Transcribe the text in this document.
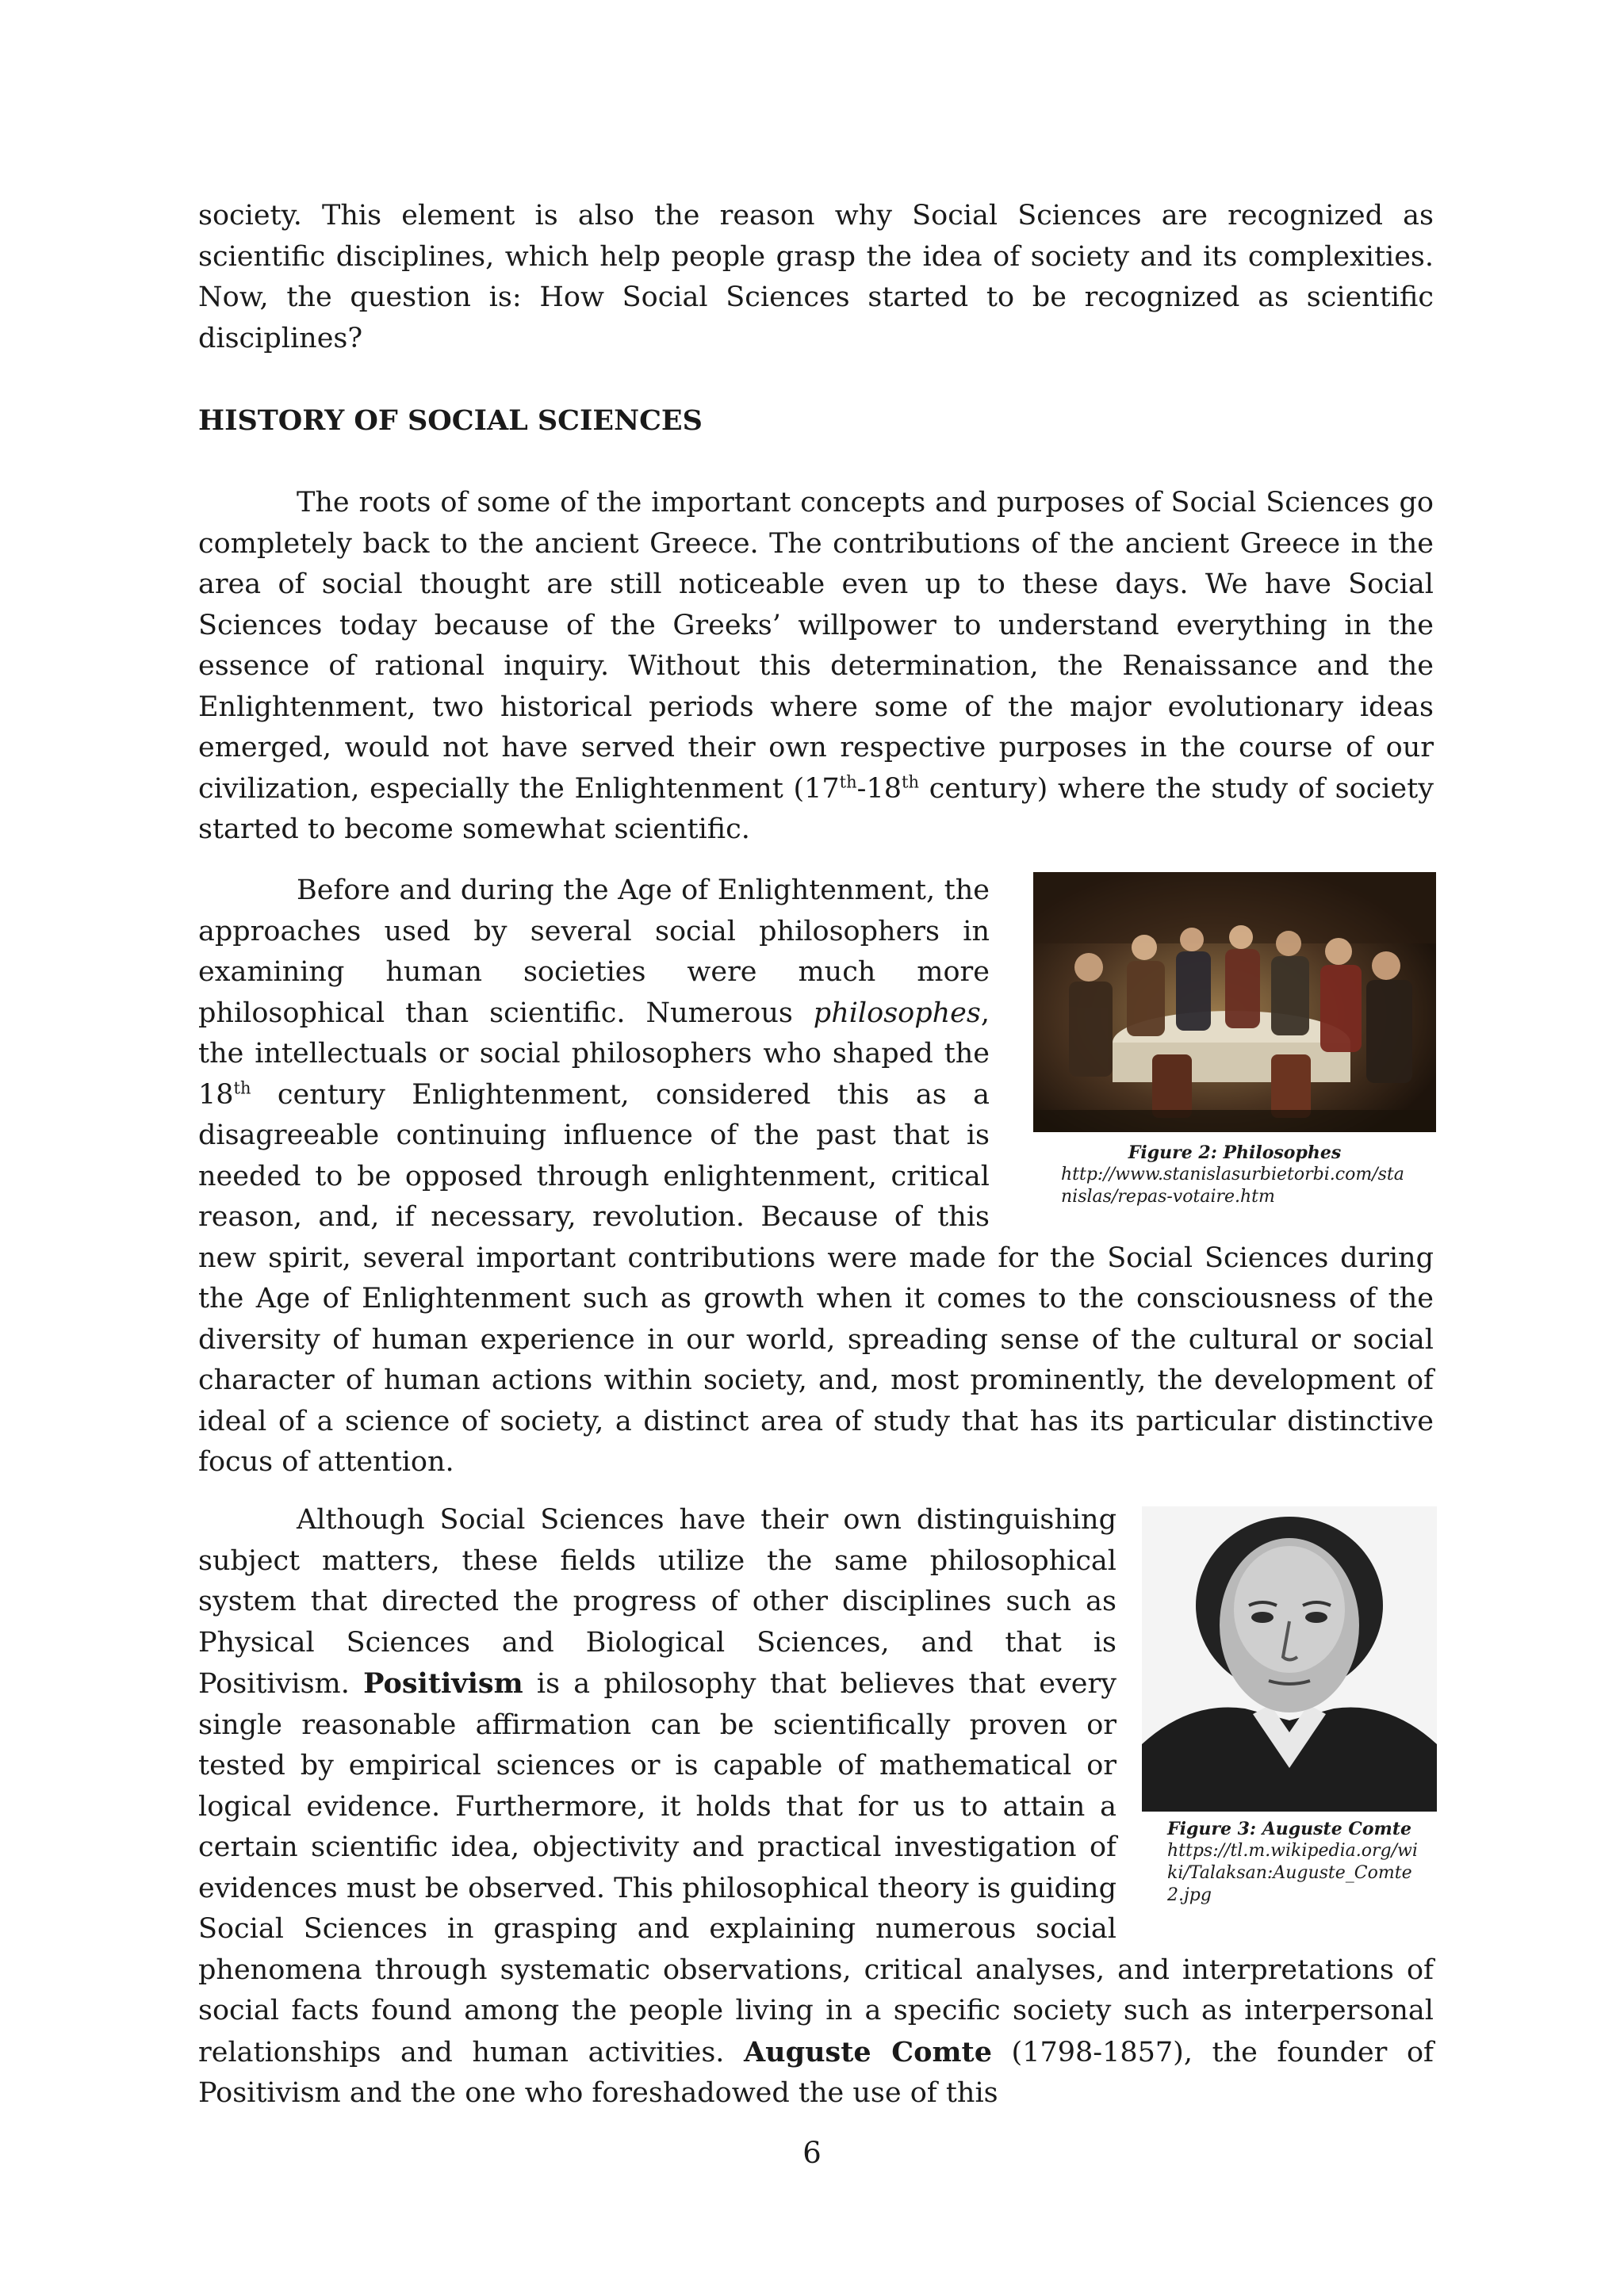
society. This element is also the reason why Social Sciences are recognized as scientific disciplines, which help people grasp the idea of society and its complexities. Now, the question is: How Social Sciences started to be recognized as scientific disciplines?

HISTORY OF SOCIAL SCIENCES

The roots of some of the important concepts and purposes of Social Sciences go completely back to the ancient Greece. The contributions of the ancient Greece in the area of social thought are still noticeable even up to these days. We have Social Sciences today because of the Greeks’ willpower to understand everything in the essence of rational inquiry. Without this determination, the Renaissance and the Enlightenment, two historical periods where some of the major evolutionary ideas emerged, would not have served their own respective purposes in the course of our civilization, especially the Enlightenment (17th-18th century) where the study of society started to become somewhat scientific.

Figure 2: Philosophes
http://www.stanislasurbietorbi.com/stanislas/repas-votaire.htm

Before and during the Age of Enlightenment, the approaches used by several social philosophers in examining human societies were much more philosophical than scientific. Numerous philosophes, the intellectuals or social philosophers who shaped the 18th century Enlightenment, considered this as a disagreeable continuing influence of the past that is needed to be opposed through enlightenment, critical reason, and, if necessary, revolution. Because of this new spirit, several important contributions were made for the Social Sciences during the Age of Enlightenment such as growth when it comes to the consciousness of the diversity of human experience in our world, spreading sense of the cultural or social character of human actions within society, and, most prominently, the development of ideal of a science of society, a distinct area of study that has its particular distinctive focus of attention.

Figure 3: Auguste Comte
https://tl.m.wikipedia.org/wiki/Talaksan:Auguste_Comte2.jpg

Although Social Sciences have their own distinguishing subject matters, these fields utilize the same philosophical system that directed the progress of other disciplines such as Physical Sciences and Biological Sciences, and that is Positivism. Positivism is a philosophy that believes that every single reasonable affirmation can be scientifically proven or tested by empirical sciences or is capable of mathematical or logical evidence. Furthermore, it holds that for us to attain a certain scientific idea, objectivity and practical investigation of evidences must be observed. This philosophical theory is guiding Social Sciences in grasping and explaining numerous social phenomena through systematic observations, critical analyses, and interpretations of social facts found among the people living in a specific society such as interpersonal relationships and human activities. Auguste Comte (1798-1857), the founder of Positivism and the one who foreshadowed the use of this

6
